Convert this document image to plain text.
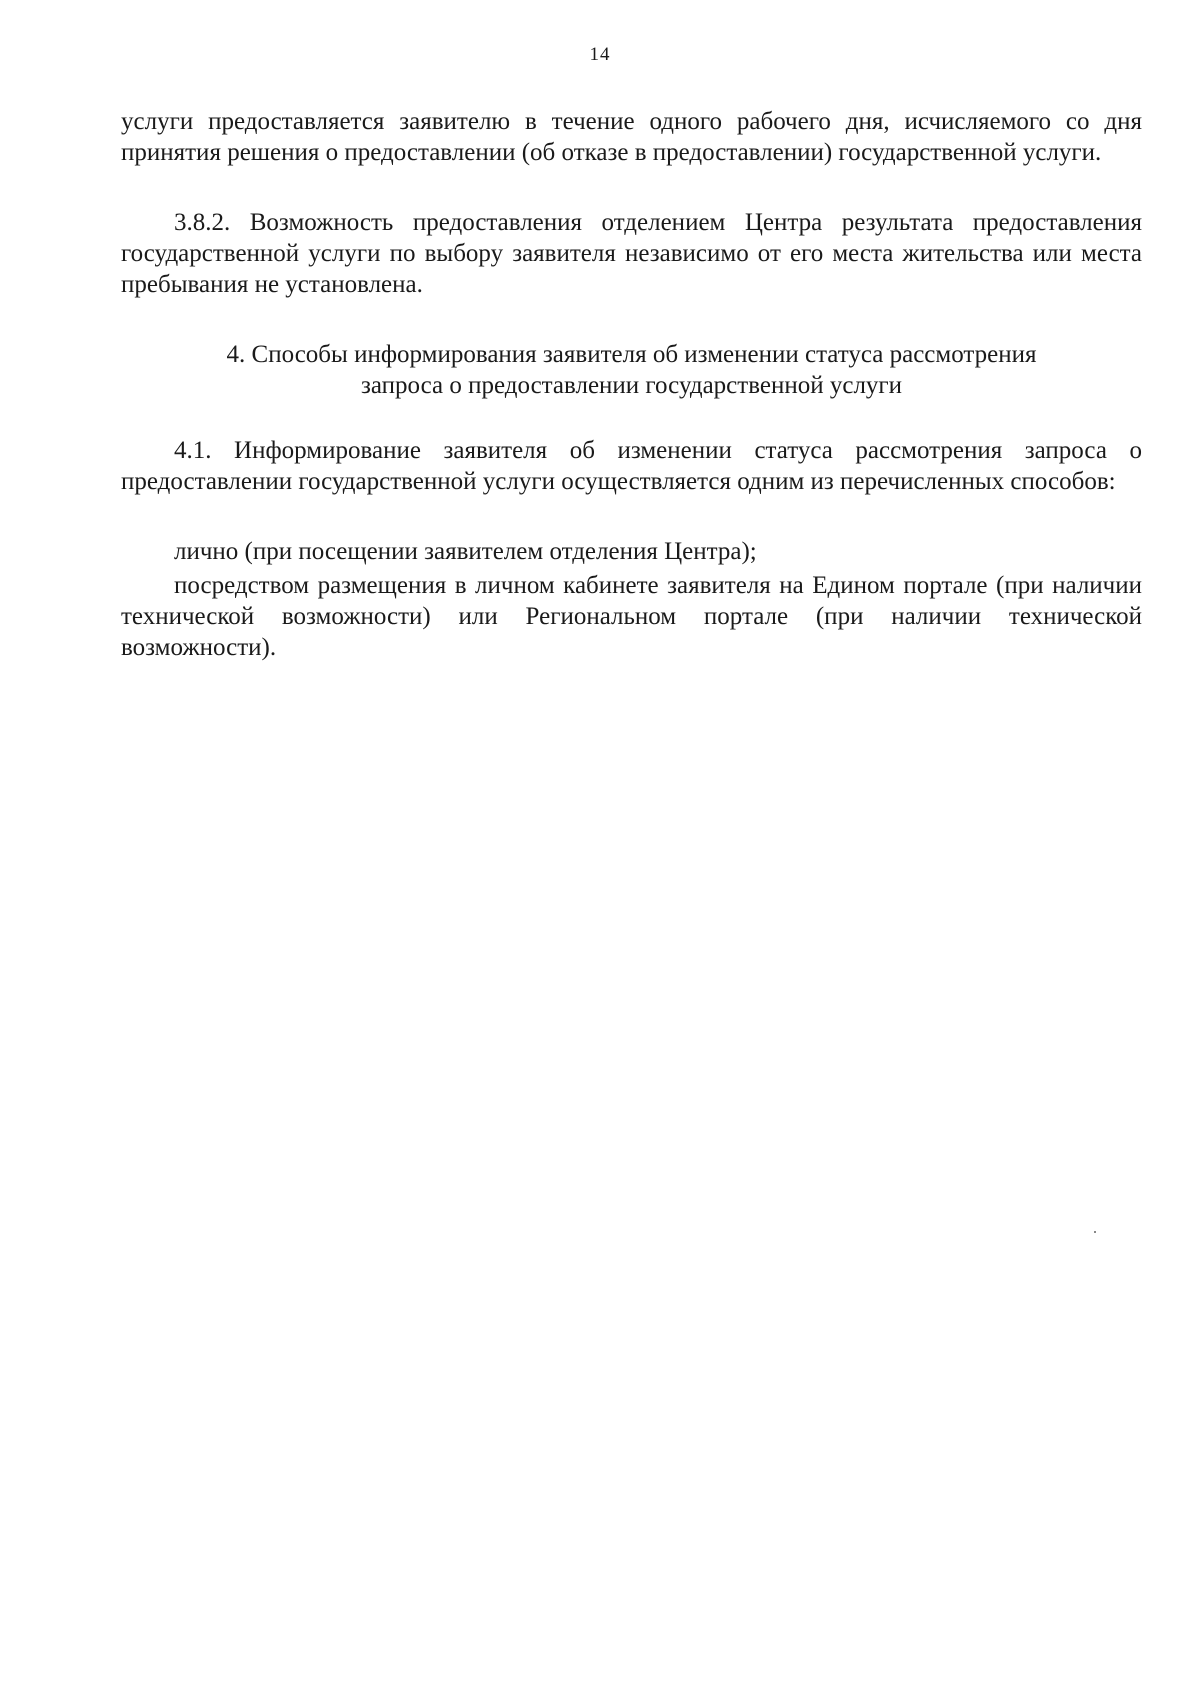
14

услуги предоставляется заявителю в течение одного рабочего дня, исчисляемого со дня принятия решения о предоставлении (об отказе в предоставлении) государственной услуги.

3.8.2. Возможность предоставления отделением Центра результата предоставления государственной услуги по выбору заявителя независимо от его места жительства или места пребывания не установлена.

4. Способы информирования заявителя об изменении статуса рассмотрения
запроса о предоставлении государственной услуги

4.1. Информирование заявителя об изменении статуса рассмотрения запроса о предоставлении государственной услуги осуществляется одним из перечисленных способов:

лично (при посещении заявителем отделения Центра);

посредством размещения в личном кабинете заявителя на Едином портале (при наличии технической возможности) или Региональном портале (при наличии технической возможности).
